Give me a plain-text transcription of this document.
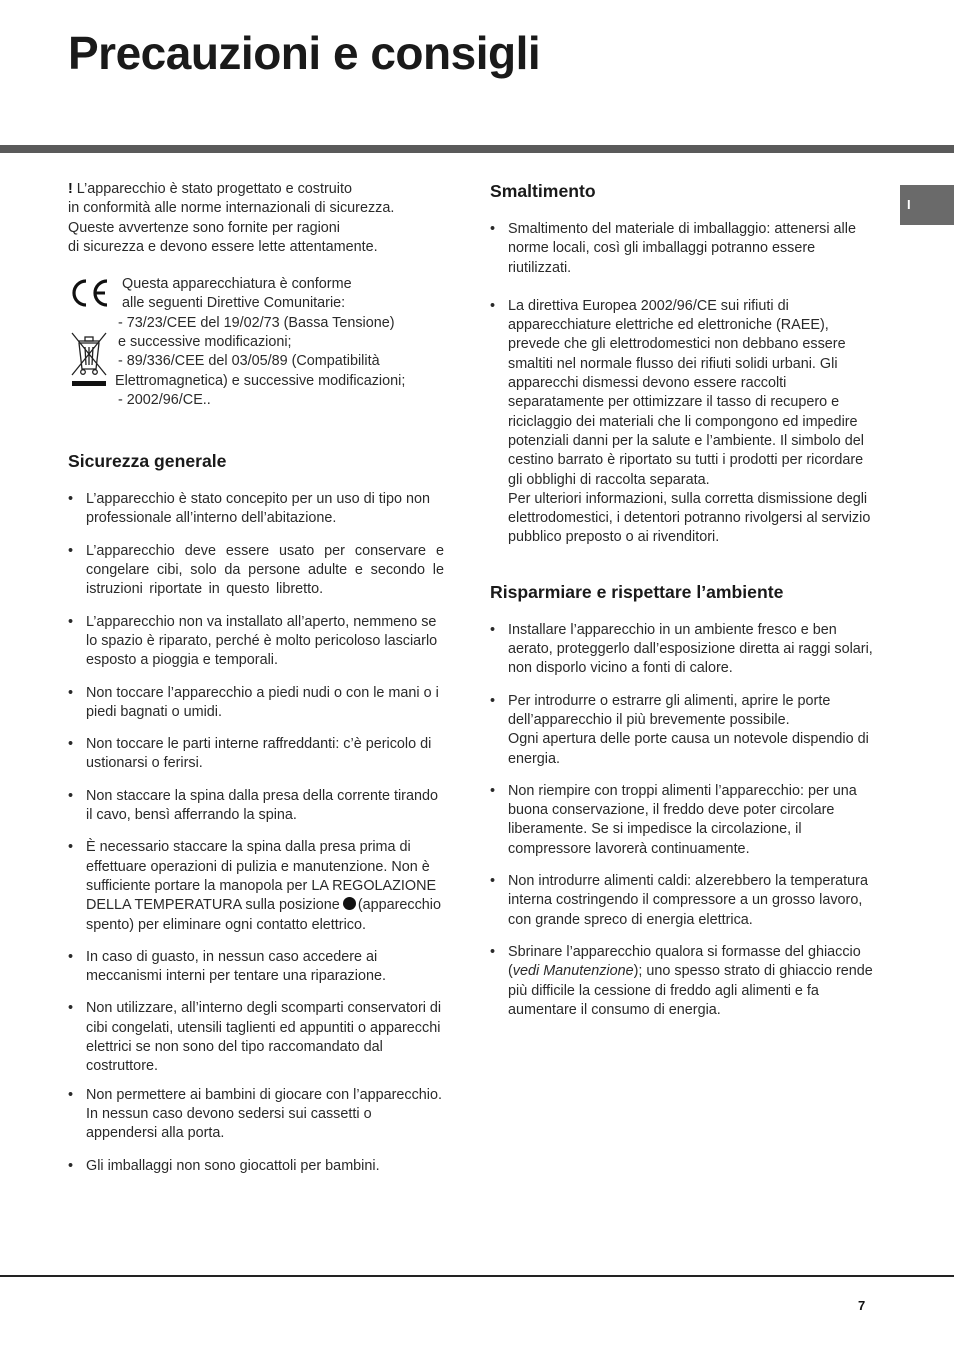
Precauzioni e consigli
I

! L’apparecchio è stato progettato e costruito

in conformità alle norme internazionali di sicurezza.

Queste avvertenze sono fornite per ragioni

di sicurezza e devono essere lette attentamente.

Questa apparecchiatura è conforme
alle seguenti Direttive Comunitarie:
- 73/23/CEE del 19/02/73 (Bassa Tensione)
e successive modificazioni;
- 89/336/CEE del 03/05/89 (Compatibilità
Elettromagnetica) e successive modificazioni;
- 2002/96/CE..

Sicurezza generale
• L’apparecchio è stato concepito per un uso di tipo non professionale all’interno dell’abitazione.
• L’apparecchio deve essere usato per conservare e congelare cibi, solo da persone adulte e secondo le istruzioni riportate in questo libretto.
• L’apparecchio non va installato all’aperto, nemmeno se lo spazio è riparato, perché è molto pericoloso lasciarlo esposto a pioggia e temporali.
• Non toccare l’apparecchio a piedi nudi o con le mani o i piedi bagnati o umidi.
• Non toccare le parti interne raffreddanti: c’è pericolo di ustionarsi o ferirsi.
• Non staccare la spina dalla presa della corrente tirando il cavo, bensì afferrando la spina.
• È necessario staccare la spina dalla presa prima di effettuare operazioni di pulizia e manutenzione. Non è sufficiente portare la manopola per LA REGOLAZIONE DELLA TEMPERATURA sulla posizione (apparecchio spento) per eliminare ogni contatto elettrico.
• In caso di guasto, in nessun caso accedere ai meccanismi interni per tentare una riparazione.
• Non utilizzare, all’interno degli scomparti conservatori di cibi congelati, utensili taglienti ed appuntiti o apparecchi elettrici se non sono del tipo raccomandato dal costruttore.
• Non permettere ai bambini di giocare con l’apparecchio. In nessun caso devono sedersi sui cassetti o appendersi alla porta.
• Gli imballaggi non sono giocattoli per bambini.
Smaltimento
• Smaltimento del materiale di imballaggio: attenersi alle norme locali, così gli imballaggi potranno essere riutilizzati.
• La direttiva Europea 2002/96/CE sui rifiuti di apparecchiature elettriche ed elettroniche (RAEE), prevede che gli elettrodomestici non debbano essere smaltiti nel normale flusso dei rifiuti solidi urbani. Gli apparecchi dismessi devono essere raccolti separatamente per ottimizzare il tasso di recupero e riciclaggio dei materiali che li compongono ed impedire potenziali danni per la salute e l’ambiente. Il simbolo del cestino barrato è riportato su tutti i prodotti per ricordare gli obblighi di raccolta separata.
Per ulteriori informazioni, sulla corretta dismissione degli elettrodomestici, i detentori potranno rivolgersi al servizio pubblico preposto o ai rivenditori.
Risparmiare e rispettare l’ambiente
• Installare l’apparecchio in un ambiente fresco e ben aerato, proteggerlo dall’esposizione diretta ai raggi solari, non disporlo vicino a fonti di calore.
• Per introdurre o estrarre gli alimenti, aprire le porte dell’apparecchio il più brevemente possibile.
Ogni apertura delle porte causa un notevole dispendio di energia.
• Non riempire con troppi alimenti l’apparecchio: per una buona conservazione, il freddo deve poter circolare liberamente. Se si impedisce la circolazione, il compressore lavorerà continuamente.
• Non introdurre alimenti caldi: alzerebbero la temperatura interna costringendo il compressore a un grosso lavoro, con grande spreco di energia elettrica.
• Sbrinare l’apparecchio qualora si formasse del ghiaccio (vedi Manutenzione); uno spesso strato di ghiaccio rende più difficile la cessione di freddo agli alimenti e fa aumentare il consumo di energia.
7
